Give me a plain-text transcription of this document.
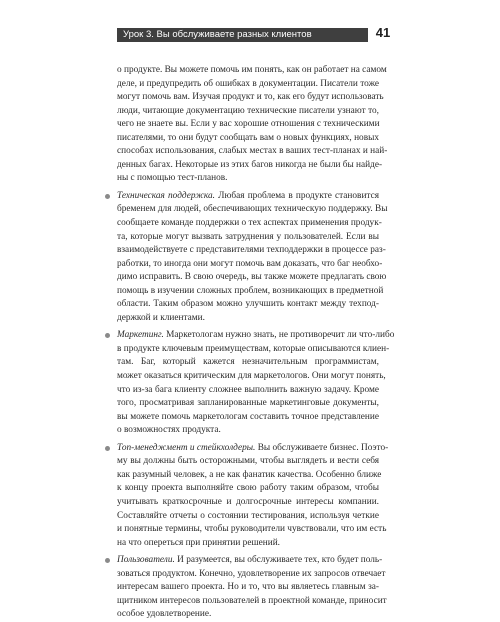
Урок 3. Вы обслуживаете разных клиентов	41

о продукте. Вы можете помочь им понять, как он работает на самом
деле, и предупредить об ошибках в документации. Писатели тоже
могут помочь вам. Изучая продукт и то, как его будут использовать
люди, читающие документацию технические писатели узнают то,
чего не знаете вы. Если у вас хорошие отношения с техническими
писателями, то они будут сообщать вам о новых функциях, новых
способах использования, слабых местах в ваших тест-планах и най-
денных багах. Некоторые из этих багов никогда не были бы найде-
ны с помощью тест-планов.

Техническая поддержка. Любая проблема в продукте становится
бременем для людей, обеспечивающих техническую поддержку. Вы
сообщаете команде поддержки о тех аспектах применения продук-
та, которые могут вызвать затруднения у пользователей. Если вы
взаимодействуете с представителями техподдержки в процессе раз-
работки, то иногда они могут помочь вам доказать, что баг необхо-
димо исправить. В свою очередь, вы также можете предлагать свою
помощь в изучении сложных проблем, возникающих в предметной
области. Таким образом можно улучшить контакт между техпод-
держкой и клиентами.
Маркетинг. Маркетологам нужно знать, не противоречит ли что-либо
в продукте ключевым преимуществам, которые описываются клиен-
там. Баг, который кажется незначительным программистам,
может оказаться критическим для маркетологов. Они могут понять,
что из-за бага клиенту сложнее выполнить важную задачу. Кроме
того, просматривая запланированные маркетинговые документы,
вы можете помочь маркетологам составить точное представление
о возможностях продукта.
Топ-менеджмент и стейкхолдеры. Вы обслуживаете бизнес. Поэто-
му вы должны быть осторожными, чтобы выглядеть и вести себя
как разумный человек, а не как фанатик качества. Особенно ближе
к концу проекта выполняйте свою работу таким образом, чтобы
учитывать краткосрочные и долгосрочные интересы компании.
Составляйте отчеты о состоянии тестирования, используя четкие
и понятные термины, чтобы руководители чувствовали, что им есть
на что опереться при принятии решений.
Пользователи. И разумеется, вы обслуживаете тех, кто будет поль-
зоваться продуктом. Конечно, удовлетворение их запросов отвечает
интересам вашего проекта. Но и то, что вы являетесь главным за-
щитником интересов пользователей в проектной команде, приносит
особое удовлетворение.
